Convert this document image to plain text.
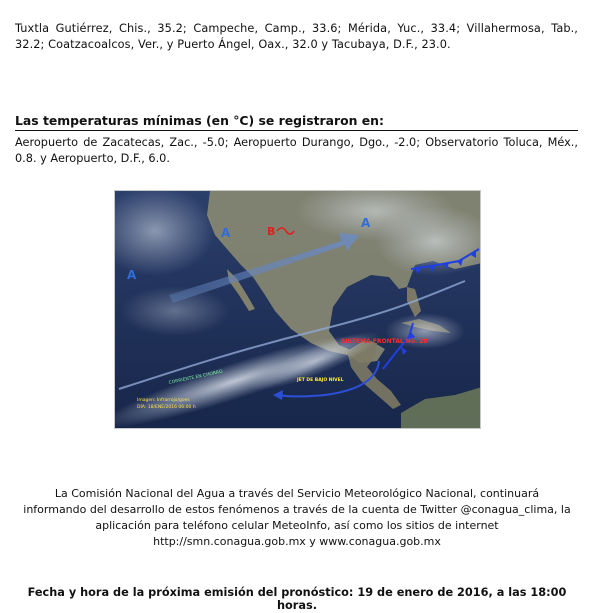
Tuxtla Gutiérrez, Chis., 35.2; Campeche, Camp., 33.6; Mérida, Yuc., 33.4; Villahermosa, Tab., 32.2; Coatzacoalcos, Ver., y Puerto Ángel, Oax., 32.0 y Tacubaya, D.F., 23.0.

Las temperaturas mínimas (en °C) se registraron en:

Aeropuerto de Zacatecas, Zac., -5.0; Aeropuerto Durango, Dgo., -2.0; Observatorio Toluca, Méx., 0.8. y Aeropuerto, D.F., 6.0.

A
A
A
B
SISTEMA FRONTAL No. 28
JET DE BAJO NIVEL
CORRIENTE EN CHORRO
Imagen: Infrarrojo/goes
DÍA: 18/ENE/2016 06:00 h

La Comisión Nacional del Agua a través del Servicio Meteorológico Nacional, continuará informando del desarrollo de estos fenómenos a través de la cuenta de Twitter @conagua_clima, la aplicación para teléfono celular MeteoInfo, así como los sitios de internet http://smn.conagua.gob.mx y www.conagua.gob.mx

Fecha y hora de la próxima emisión del pronóstico: 19 de enero de 2016, a las 18:00 horas.
